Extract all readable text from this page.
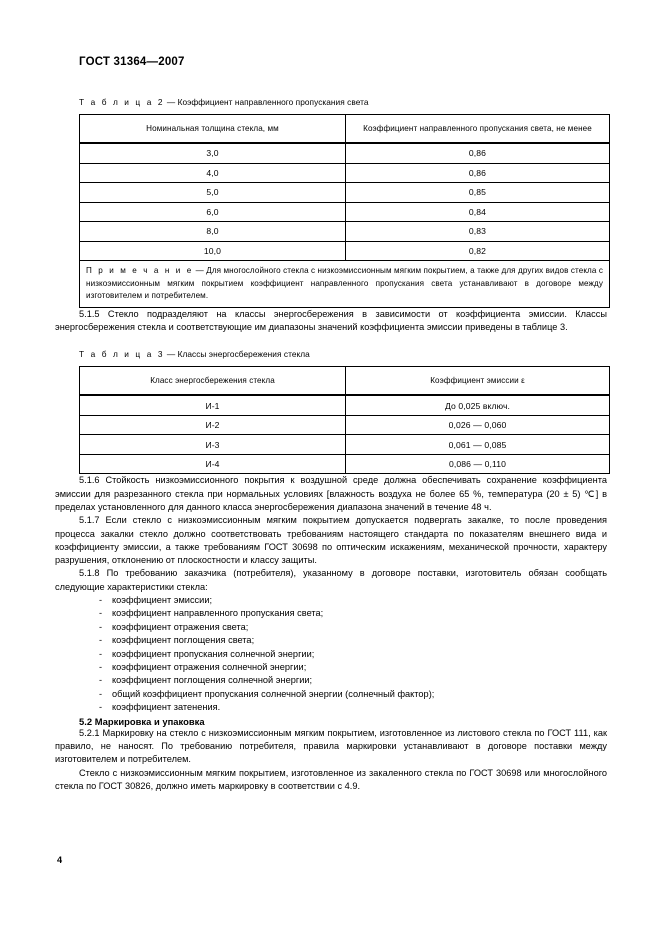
ГОСТ 31364—2007
Т а б л и ц а 2 — Коэффициент направленного пропускания света
Номинальная толщина стекла, мм	Коэффициент направленного пропускания света, не менее
3,0	0,86
4,0	0,86
5,0	0,85
6,0	0,84
8,0	0,83
10,0	0,82
П р и м е ч а н и е — Для многослойного стекла с низкоэмиссионным мягким покрытием, а также для других видов стекла с низкоэмиссионным мягким покрытием коэффициент направленного пропускания света устанавливают в договоре между изготовителем и потребителем.	

5.1.5 Стекло подразделяют на классы энергосбережения в зависимости от коэффициента эмиссии. Классы энергосбережения стекла и соответствующие им диапазоны значений коэффициента эмиссии приведены в таблице 3.

Т а б л и ц а 3 — Классы энергосбережения стекла
Класс энергосбережения стекла	Коэффициент эмиссии ε
И-1	До 0,025 включ.
И-2	0,026 — 0,060
И-3	0,061 — 0,085
И-4	0,086 — 0,110

5.1.6 Стойкость низкоэмиссионного покрытия к воздушной среде должна обеспечивать сохранение коэффициента эмиссии для разрезанного стекла при нормальных условиях [влажность воздуха не более 65 %, температура (20 ± 5) ℃] в пределах установленного для данного класса энергосбережения диапазона значений в течение 48 ч.

5.1.7 Если стекло с низкоэмиссионным мягким покрытием допускается подвергать закалке, то после проведения процесса закалки стекло должно соответствовать требованиям настоящего стандарта по показателям внешнего вида и коэффициенту эмиссии, а также требованиям ГОСТ 30698 по оптическим искажениям, механической прочности, характеру разрушения, отклонению от плоскостности и классу защиты.

5.1.8 По требованию заказчика (потребителя), указанному в договоре поставки, изготовитель обязан сообщать следующие характеристики стекла:

- коэффициент эмиссии;
- коэффициент направленного пропускания света;
- коэффициент отражения света;
- коэффициент поглощения света;
- коэффициент пропускания солнечной энергии;
- коэффициент отражения солнечной энергии;
- коэффициент поглощения солнечной энергии;
- общий коэффициент пропускания солнечной энергии (солнечный фактор);
- коэффициент затенения.
5.2 Маркировка и упаковка

5.2.1 Маркировку на стекло с низкоэмиссионным мягким покрытием, изготовленное из листового стекла по ГОСТ 111, как правило, не наносят. По требованию потребителя, правила маркировки устанавливают в договоре поставки между изготовителем и потребителем.

Стекло с низкоэмиссионным мягким покрытием, изготовленное из закаленного стекла по ГОСТ 30698 или многослойного стекла по ГОСТ 30826, должно иметь маркировку в соответствии с 4.9.

4
